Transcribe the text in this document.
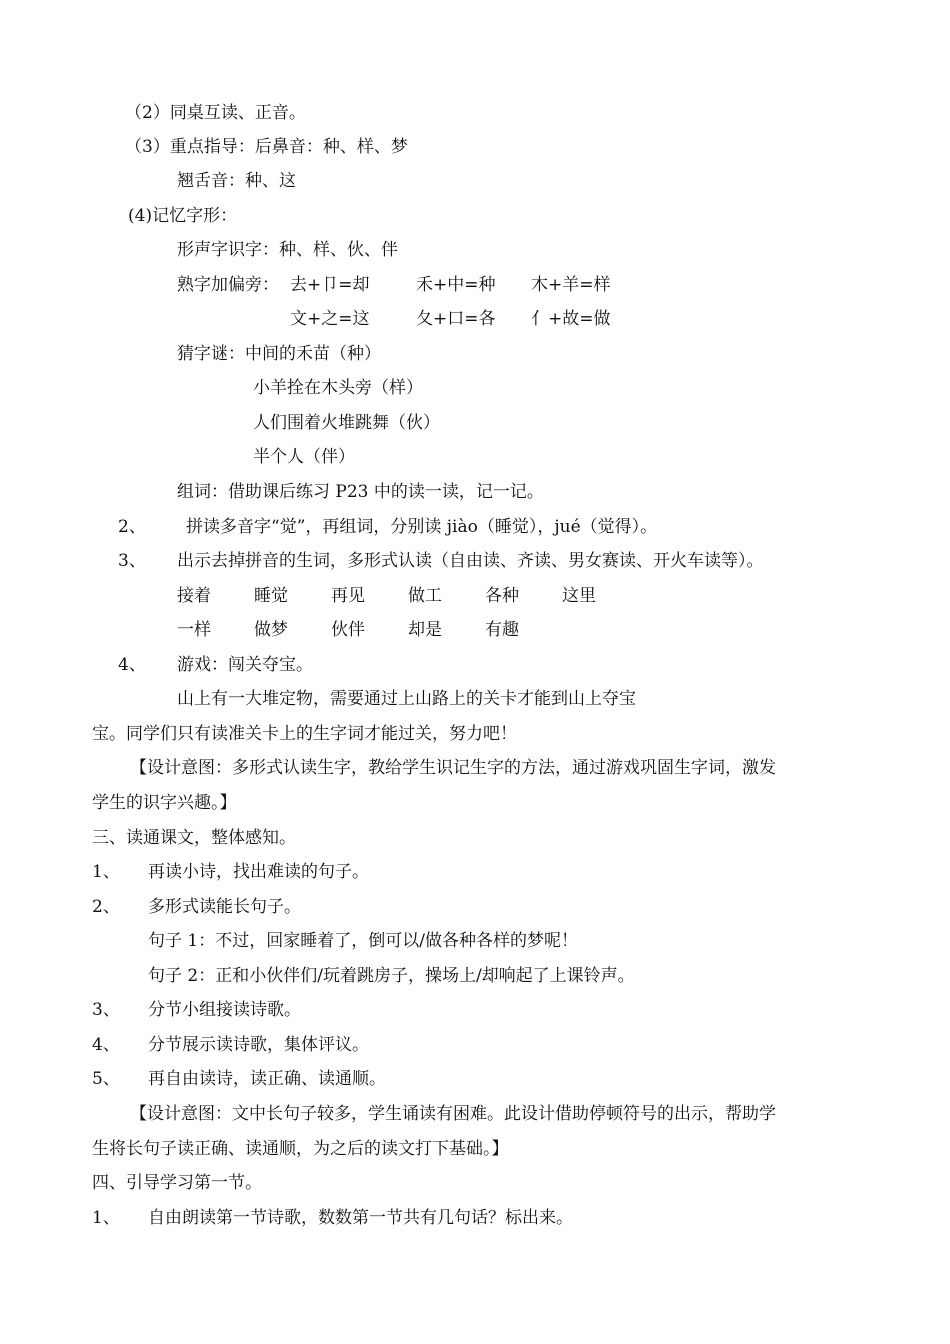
（2）同桌互读、正音。
（3）重点指导：后鼻音：种、样、梦
翘舌音：种、这
(4)记忆字形：
形声字识字：种、样、伙、伴
熟字加偏旁： 去+卩=却	禾+中=种 木+羊=样
文+之=这	夂+口=各 亻+故=做
猜字谜：中间的禾苗（种）
小羊拴在木头旁（样）
人们围着火堆跳舞（伙）
半个人（伴）
组词：借助课后练习 P23 中的读一读，记一记。
2、 拼读多音字“觉”，再组词，分别读 jiào（睡觉），jué（觉得）。
3、 出示去掉拼音的生词，多形式认读（自由读、齐读、男女赛读、开火车读等）。
接着	睡觉	再见	做工	各种	这里
一样	做梦	伙伴	却是	有趣
4、 游戏：闯关夺宝。
山上有一大堆定物，需要通过上山路上的关卡才能到山上夺宝
宝。同学们只有读准关卡上的生字词才能过关，努力吧！
【设计意图：多形式认读生字，教给学生识记生字的方法，通过游戏巩固生字词，激发
学生的识字兴趣。】
三、读通课文，整体感知。
1、 再读小诗，找出难读的句子。
2、 多形式读能长句子。
句子 1：不过，回家睡着了，倒可以/做各种各样的梦呢！
句子 2：正和小伙伴们/玩着跳房子，操场上/却响起了上课铃声。
3、 分节小组接读诗歌。
4、 分节展示读诗歌，集体评议。
5、 再自由读诗，读正确、读通顺。
【设计意图：文中长句子较多，学生诵读有困难。此设计借助停顿符号的出示，帮助学
生将长句子读正确、读通顺，为之后的读文打下基础。】
四、引导学习第一节。
1、 自由朗读第一节诗歌，数数第一节共有几句话？标出来。
